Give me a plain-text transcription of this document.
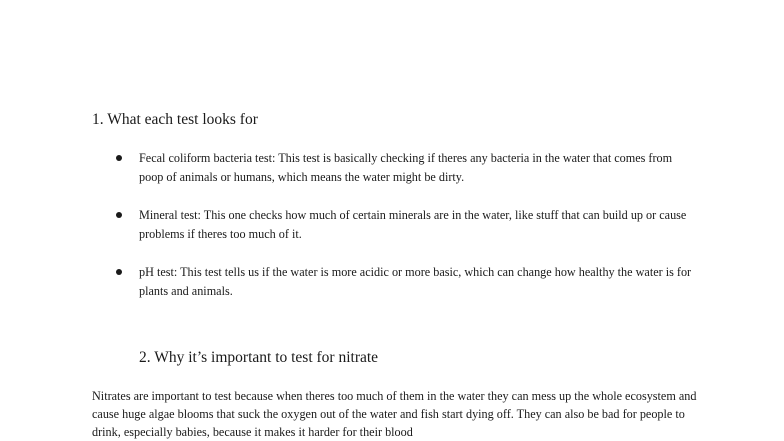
1. What each test looks for
Fecal coliform bacteria test: This test is basically checking if theres any bacteria in the water that comes from poop of animals or humans, which means the water might be dirty.
Mineral test: This one checks how much of certain minerals are in the water, like stuff that can build up or cause problems if theres too much of it.
pH test: This test tells us if the water is more acidic or more basic, which can change how healthy the water is for plants and animals.
2. Why it’s important to test for nitrate
Nitrates are important to test because when theres too much of them in the water they can mess up the whole ecosystem and cause huge algae blooms that suck the oxygen out of the water and fish start dying off. They can also be bad for people to drink, especially babies, because it makes it harder for their blood
